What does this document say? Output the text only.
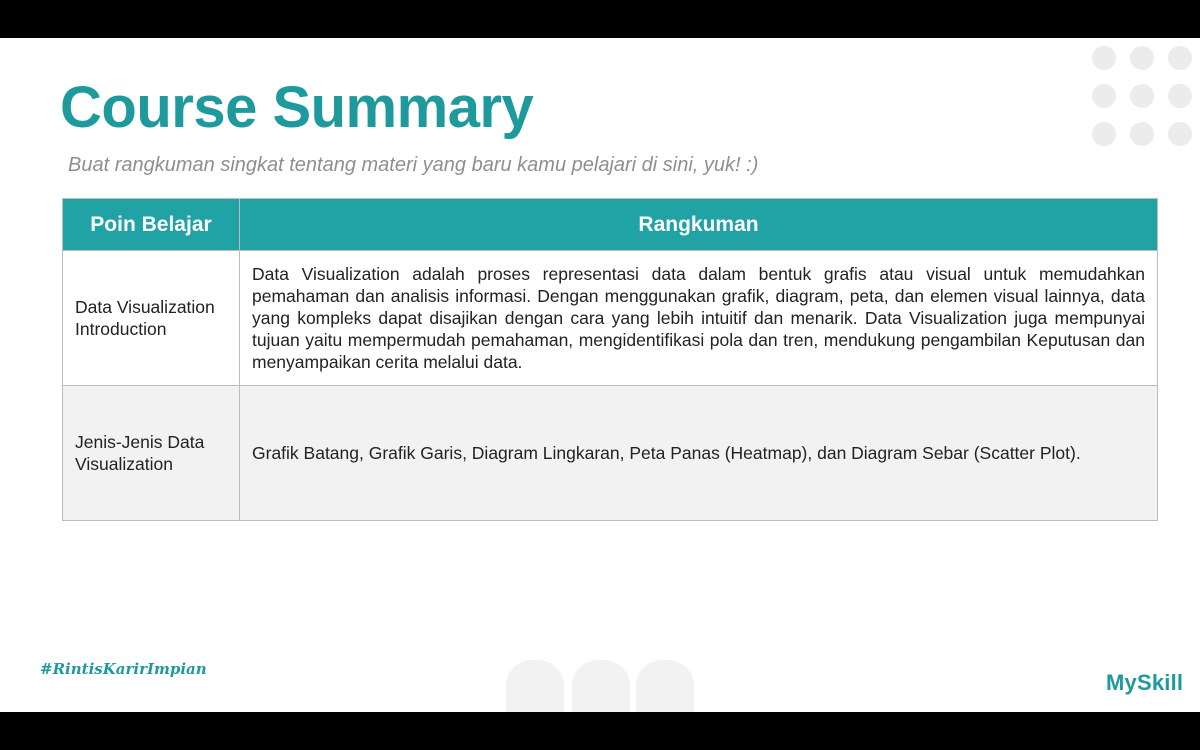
Course Summary

Buat rangkuman singkat tentang materi yang baru kamu pelajari di sini, yuk! :)

Poin Belajar	Rangkuman
Data Visualization Introduction	Data Visualization adalah proses representasi data dalam bentuk grafis atau visual untuk memudahkan pemahaman dan analisis informasi. Dengan menggunakan grafik, diagram, peta, dan elemen visual lainnya, data yang kompleks dapat disajikan dengan cara yang lebih intuitif dan menarik. Data Visualization juga mempunyai tujuan yaitu mempermudah pemahaman, mengidentifikasi pola dan tren, mendukung pengambilan Keputusan dan menyampaikan cerita melalui data.
Jenis-Jenis Data Visualization	Grafik Batang, Grafik Garis, Diagram Lingkaran, Peta Panas (Heatmap), dan Diagram Sebar (Scatter Plot).
#RintisKarirImpian
MySkill
